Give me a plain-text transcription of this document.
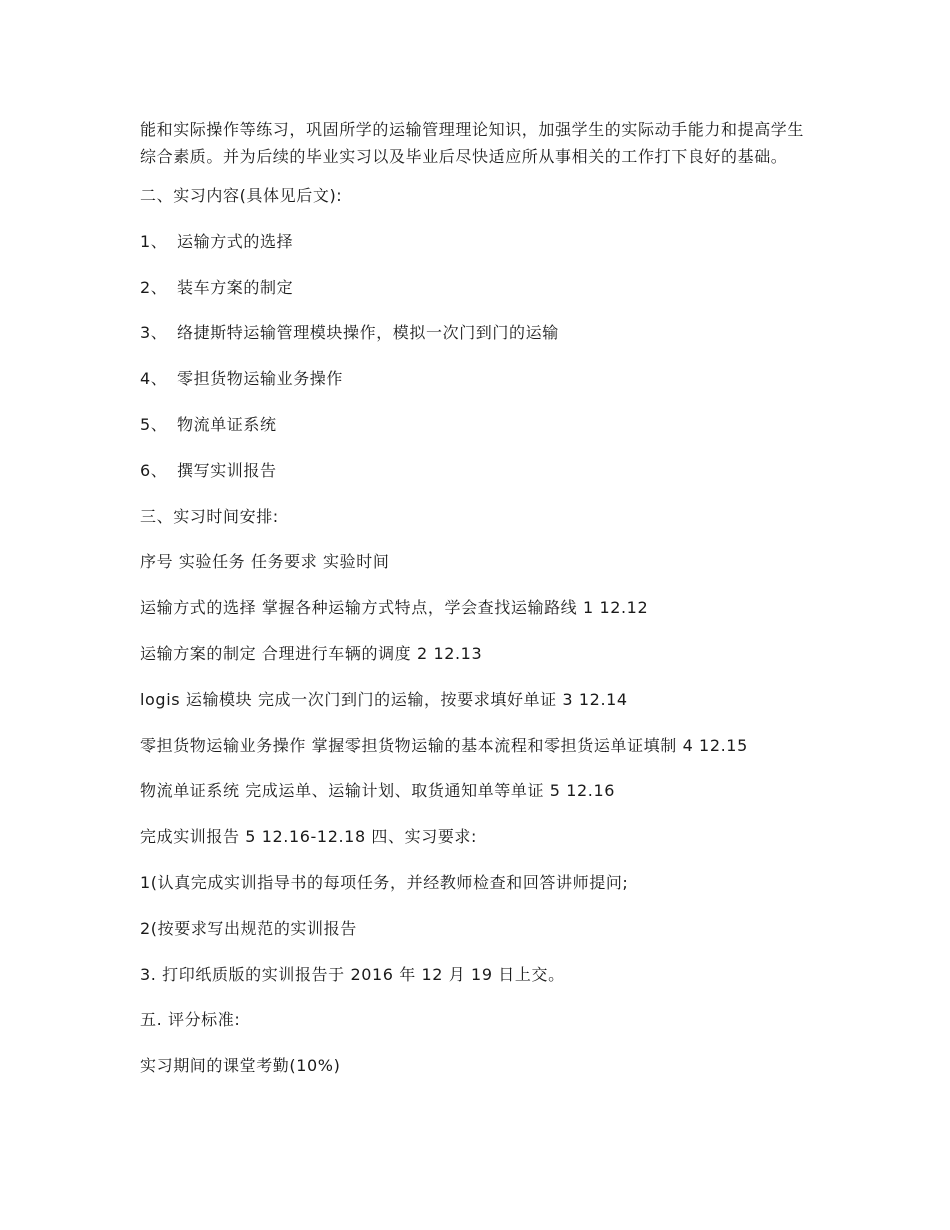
能和实际操作等练习，巩固所学的运输管理理论知识，加强学生的实际动手能力和提高学生综合素质。并为后续的毕业实习以及毕业后尽快适应所从事相关的工作打下良好的基础。

二、实习内容(具体见后文):
1、 运输方式的选择
2、 装车方案的制定
3、 络捷斯特运输管理模块操作，模拟一次门到门的运输
4、 零担货物运输业务操作
5、 物流单证系统
6、 撰写实训报告
三、实习时间安排:
序号 实验任务 任务要求 实验时间
运输方式的选择 掌握各种运输方式特点，学会查找运输路线 1 12.12
运输方案的制定 合理进行车辆的调度 2 12.13
logis 运输模块 完成一次门到门的运输，按要求填好单证 3 12.14
零担货物运输业务操作 掌握零担货物运输的基本流程和零担货运单证填制 4 12.15
物流单证系统 完成运单、运输计划、取货通知单等单证 5 12.16
完成实训报告 5 12.16-12.18 四、实习要求:
1(认真完成实训指导书的每项任务，并经教师检查和回答讲师提问;
2(按要求写出规范的实训报告
3. 打印纸质版的实训报告于 2016 年 12 月 19 日上交。
五. 评分标准:
实习期间的课堂考勤(10%)
